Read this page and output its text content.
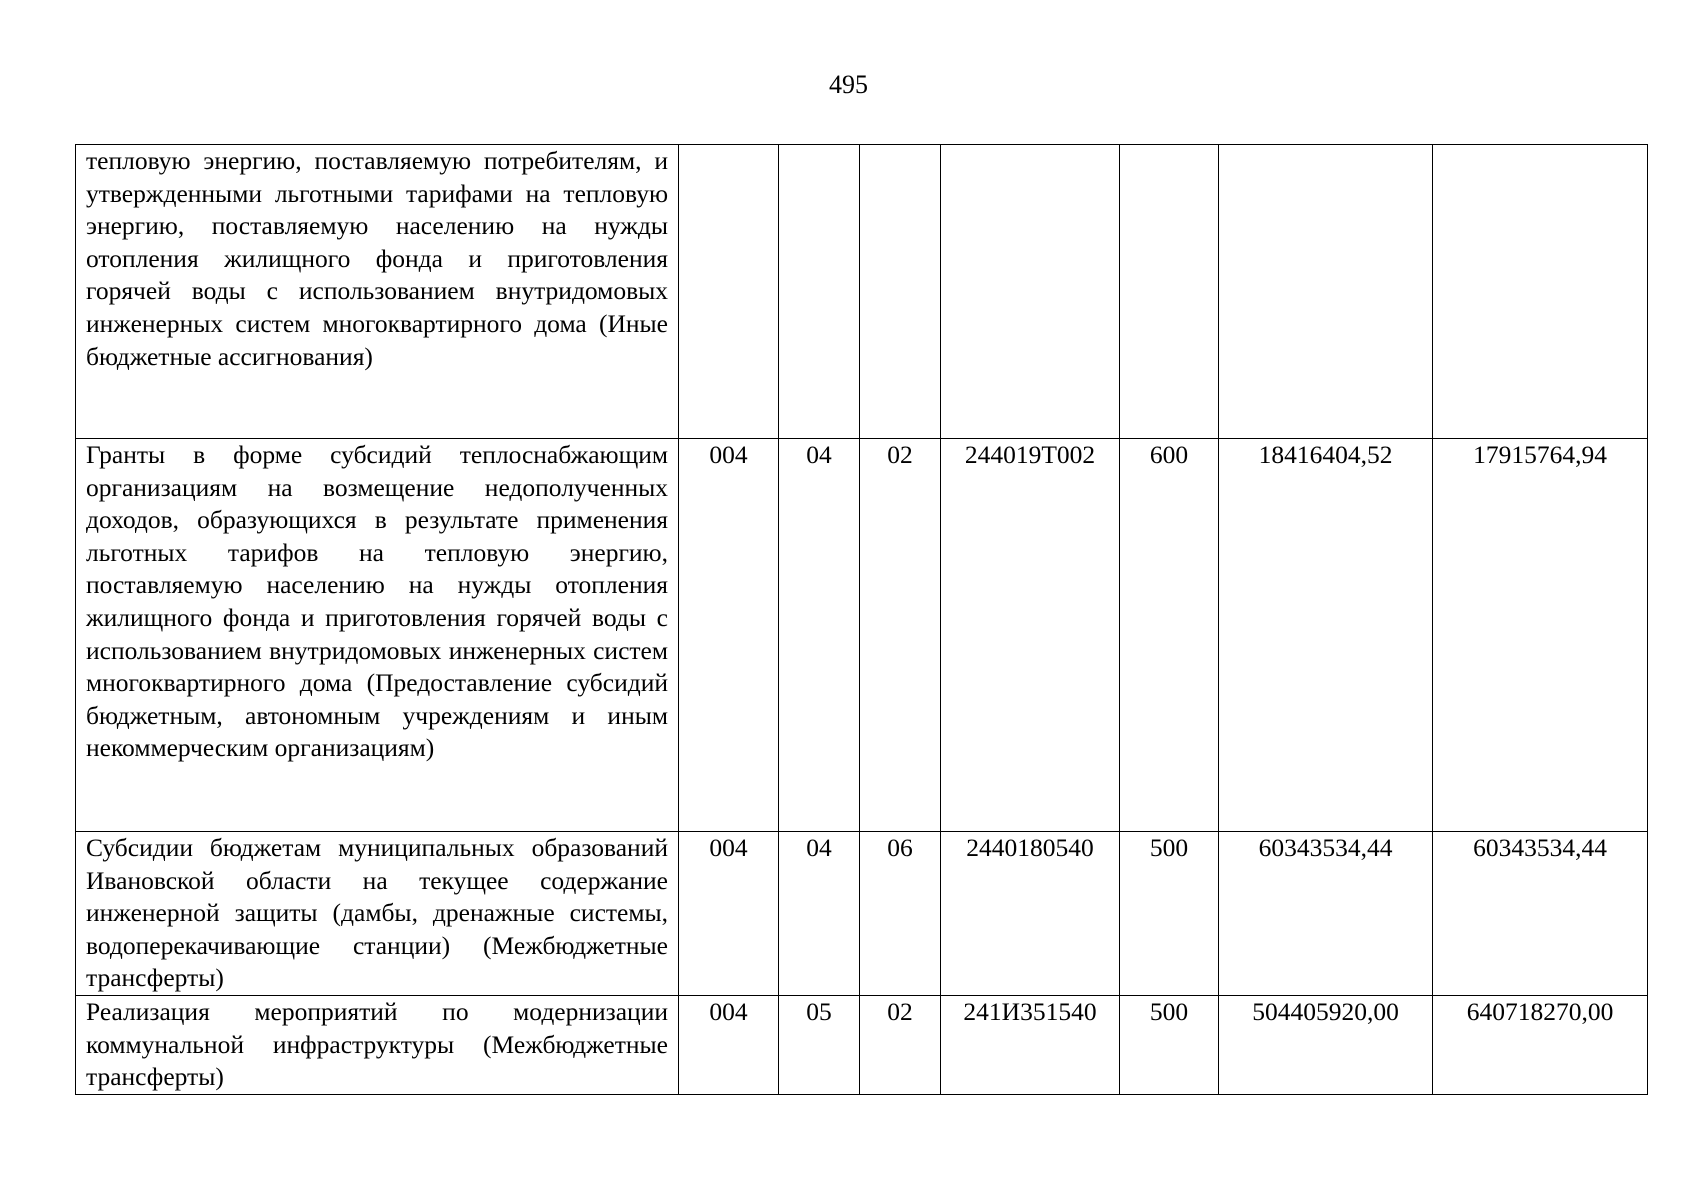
495
тепловую энергию, поставляемую потребителям, и утвержденными льготными тарифами на тепловую энергию, поставляемую населению на нужды отопления жилищного фонда и приготовления горячей воды с использованием внутридомовых инженерных систем многоквартирного дома (Иные бюджетные ассигнования)							
Гранты в форме субсидий теплоснабжающим организациям на возмещение недополученных доходов, образующихся в результате применения льготных тарифов на тепловую энергию, поставляемую населению на нужды отопления жилищного фонда и приготовления горячей воды с использованием внутридомовых инженерных систем многоквартирного дома (Предоставление субсидий бюджетным, автономным учреждениям и иным некоммерческим организациям)	004	04	02	244019Т002	600	18416404,52	17915764,94
Субсидии бюджетам муниципальных образований Ивановской области на текущее содержание инженерной защиты (дамбы, дренажные системы, водоперекачивающие станции) (Межбюджетные трансферты)	004	04	06	2440180540	500	60343534,44	60343534,44
Реализация мероприятий по модернизации коммунальной инфраструктуры (Межбюджетные трансферты)	004	05	02	241И351540	500	504405920,00	640718270,00
